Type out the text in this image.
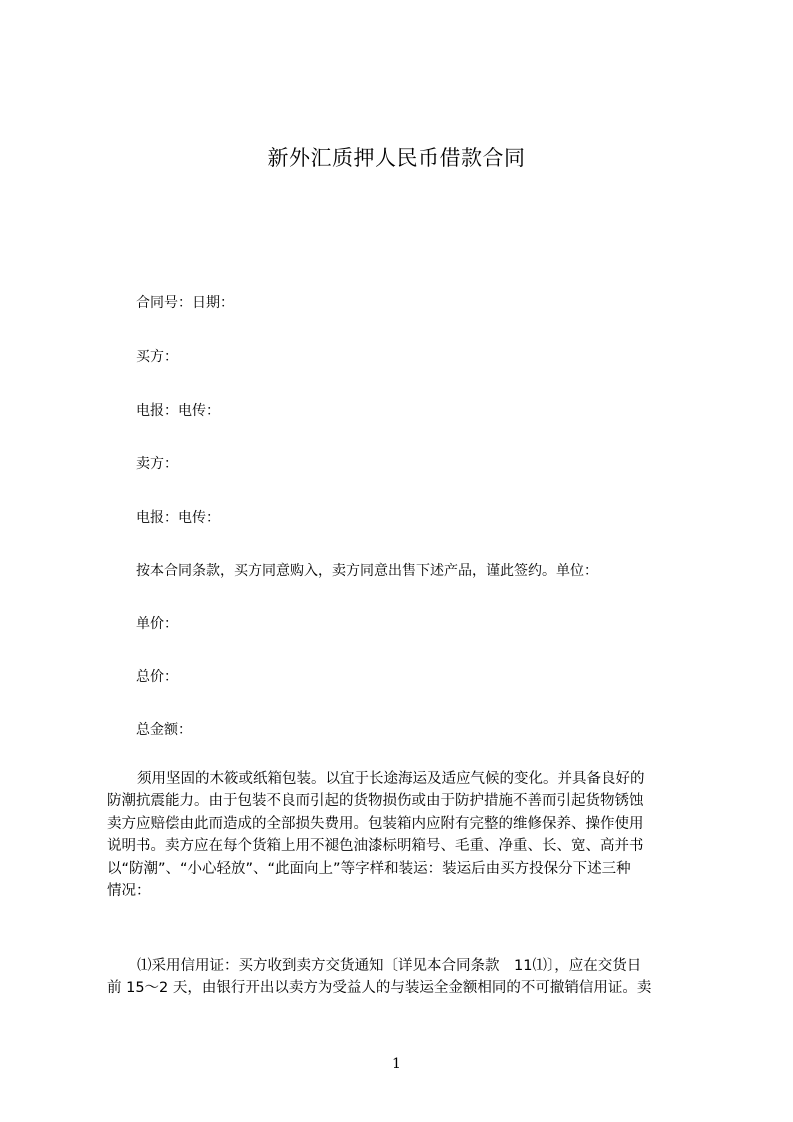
新外汇质押人民币借款合同
合同号：日期：
买方：
电报：电传：
卖方：
电报：电传：
按本合同条款，买方同意购入，卖方同意出售下述产品，谨此签约。单位：
单价：
总价：
总金额：
须用坚固的木筱或纸箱包装。以宜于长途海运及适应气候的变化。并具备良好的
防潮抗震能力。由于包装不良而引起的货物损伤或由于防护措施不善而引起货物锈蚀
卖方应赔偿由此而造成的全部损失费用。包装箱内应附有完整的维修保养、操作使用
说明书。卖方应在每个货箱上用不褪色油漆标明箱号、毛重、净重、长、宽、高并书
以“防潮”、“小心轻放”、“此面向上”等字样和装运：装运后由买方投保分下述三种
情况：
⑴采用信用证：买方收到卖方交货通知〔详见本合同条款　11⑴〕，应在交货日
前 15～2 天，由银行开出以卖方为受益人的与装运全金额相同的不可撤销信用证。卖
1
